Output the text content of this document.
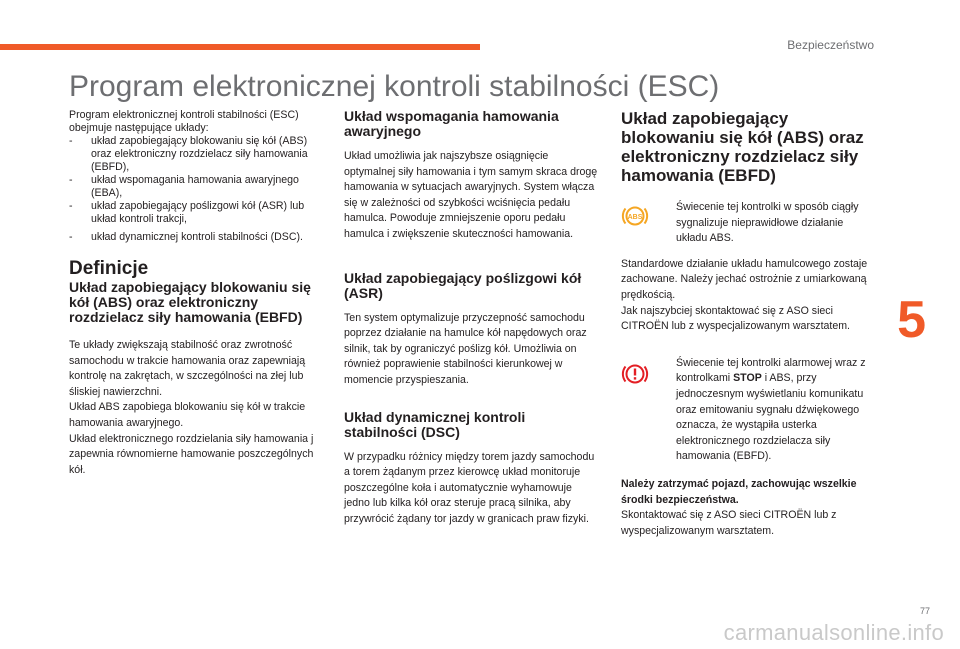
Bezpieczeństwo
Program elektronicznej kontroli stabilności (ESC)

Program elektronicznej kontroli stabilności (ESC) obejmuje następujące układy:

- układ zapobiegający blokowaniu się kół (ABS) oraz elektroniczny rozdzielacz siły hamowania (EBFD),
- układ wspomagania hamowania awaryjnego (EBA),
- układ zapobiegający poślizgowi kół (ASR) lub układ kontroli trakcji,
- układ dynamicznej kontroli stabilności (DSC).
Definicje
Układ zapobiegający blokowaniu się kół (ABS) oraz elektroniczny rozdzielacz siły hamowania (EBFD)

Te układy zwiększają stabilność oraz zwrotność samochodu w trakcie hamowania oraz zapewniają kontrolę na zakrętach, w szczególności na złej lub śliskiej nawierzchni.

Układ ABS zapobiega blokowaniu się kół w trakcie hamowania awaryjnego.

Układ elektronicznego rozdzielania siły hamowania j zapewnia równomierne hamowanie poszczególnych kół.

Układ wspomagania hamowania awaryjnego

Układ umożliwia jak najszybsze osiągnięcie optymalnej siły hamowania i tym samym skraca drogę hamowania w sytuacjach awaryjnych. System włącza się w zależności od szybkości wciśnięcia pedału hamulca. Powoduje zmniejszenie oporu pedału hamulca i zwiększenie skuteczności hamowania.

Układ zapobiegający poślizgowi kół (ASR)

Ten system optymalizuje przyczepność samochodu poprzez działanie na hamulce kół napędowych oraz silnik, tak by ograniczyć poślizg kół. Umożliwia on również poprawienie stabilności kierunkowej w momencie przyspieszania.

Układ dynamicznej kontroli stabilności (DSC)

W przypadku różnicy między torem jazdy samochodu a torem żądanym przez kierowcę układ monitoruje poszczególne koła i automatycznie wyhamowuje jedno lub kilka kół oraz steruje pracą silnika, aby przywrócić żądany tor jazdy w granicach praw fizyki.

Układ zapobiegający blokowaniu się kół (ABS) oraz elektroniczny rozdzielacz siły hamowania (EBFD)
ABS

Świecenie tej kontrolki w sposób ciągły sygnalizuje nieprawidłowe działanie układu ABS.

Standardowe działanie układu hamulcowego zostaje zachowane. Należy jechać ostrożnie z umiarkowaną prędkością.

Jak najszybciej skontaktować się z ASO sieci CITROËN lub z wyspecjalizowanym warsztatem.

Świecenie tej kontrolki alarmowej wraz z kontrolkami STOP i ABS, przy jednoczesnym wyświetlaniu komunikatu oraz emitowaniu sygnału dźwiękowego oznacza, że wystąpiła usterka elektronicznego rozdzielacza siły hamowania (EBFD).

Należy zatrzymać pojazd, zachowując wszelkie środki bezpieczeństwa.

Skontaktować się z ASO sieci CITROËN lub z wyspecjalizowanym warsztatem.

5
77
carmanualsonline.info
